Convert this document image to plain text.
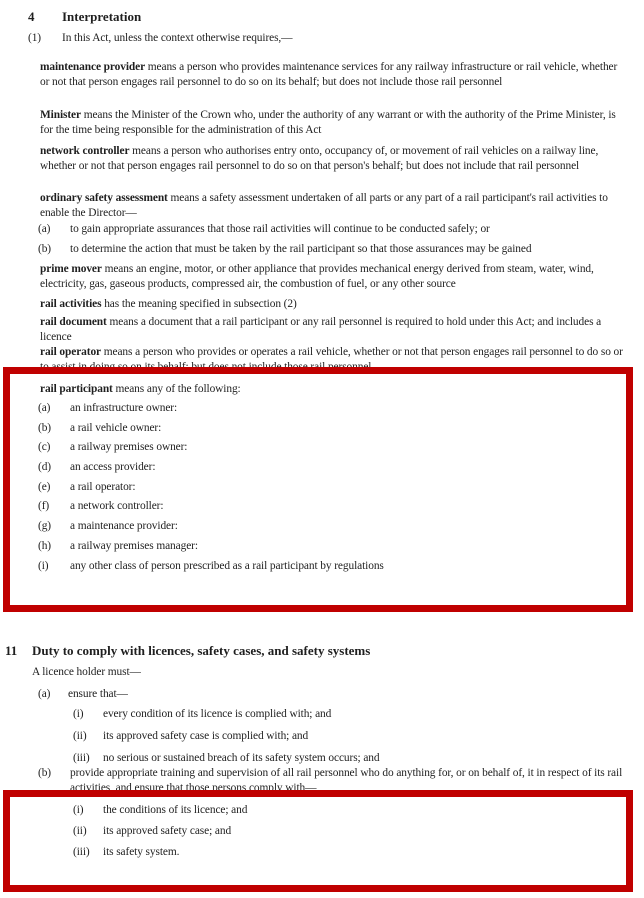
4 Interpretation
(1) In this Act, unless the context otherwise requires,—
maintenance provider means a person who provides maintenance services for any railway infrastructure or rail vehicle, whether or not that person engages rail personnel to do so on its behalf; but does not include those rail personnel
Minister means the Minister of the Crown who, under the authority of any warrant or with the authority of the Prime Minister, is for the time being responsible for the administration of this Act
network controller means a person who authorises entry onto, occupancy of, or movement of rail vehicles on a railway line, whether or not that person engages rail personnel to do so on that person's behalf; but does not include that rail personnel
ordinary safety assessment means a safety assessment undertaken of all parts or any part of a rail participant's rail activities to enable the Director—
(a)	to gain appropriate assurances that those rail activities will continue to be conducted safely; or
(b)	to determine the action that must be taken by the rail participant so that those assurances may be gained
prime mover means an engine, motor, or other appliance that provides mechanical energy derived from steam, water, wind, electricity, gas, gaseous products, compressed air, the combustion of fuel, or any other source
rail activities has the meaning specified in subsection (2)
rail document means a document that a rail participant or any rail personnel is required to hold under this Act; and includes a licence
rail operator means a person who provides or operates a rail vehicle, whether or not that person engages rail personnel to do so or to assist in doing so on its behalf; but does not include those rail personnel
rail participant means any of the following:
(a)	an infrastructure owner:
(b)	a rail vehicle owner:
(c)	a railway premises owner:
(d)	an access provider:
(e)	a rail operator:
(f)	a network controller:
(g)	a maintenance provider:
(h)	a railway premises manager:
(i)	any other class of person prescribed as a rail participant by regulations
11 Duty to comply with licences, safety cases, and safety systems
A licence holder must—
(a) ensure that—
(i)	every condition of its licence is complied with; and
(ii)	its approved safety case is complied with; and
(iii)	no serious or sustained breach of its safety system occurs; and
(b) provide appropriate training and supervision of all rail personnel who do anything for, or on behalf of, it in respect of its rail activities, and ensure that those persons comply with—
(i)	the conditions of its licence; and
(ii)	its approved safety case; and
(iii)	its safety system.
